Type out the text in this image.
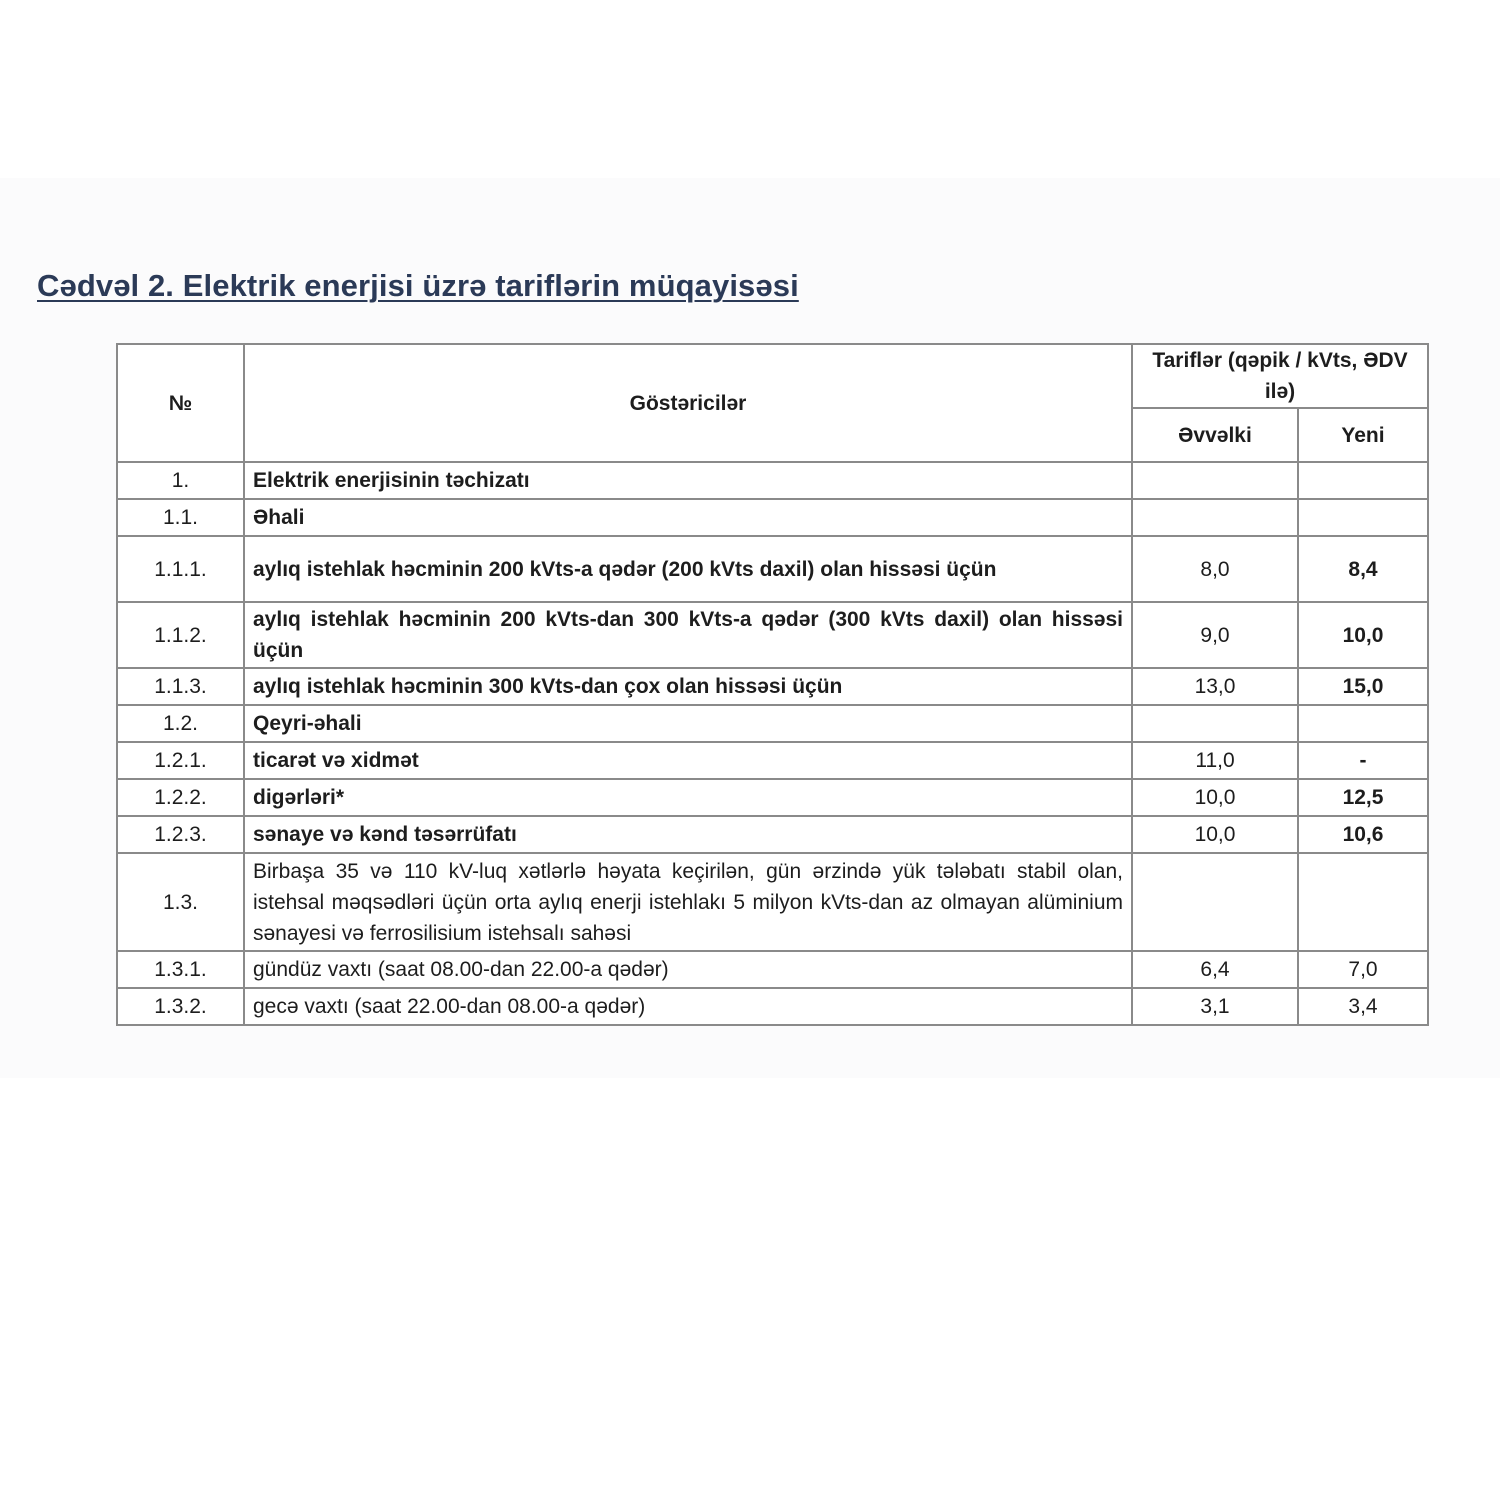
Cədvəl 2. Elektrik enerjisi üzrə tariflərin müqayisəsi
№	Göstəricilər	Tariflər (qəpik / kVts, ƏDV ilə)	
		Əvvəlki	Yeni
1.	Elektrik enerjisinin təchizatı		
1.1.	Əhali		
1.1.1.	aylıq istehlak həcminin 200 kVts-a qədər (200 kVts daxil) olan hissəsi üçün	8,0	8,4
1.1.2.	aylıq istehlak həcminin 200 kVts-dan 300 kVts-a qədər (300 kVts daxil) olan hissəsi üçün	9,0	10,0
1.1.3.	aylıq istehlak həcminin 300 kVts-dan çox olan hissəsi üçün	13,0	15,0
1.2.	Qeyri-əhali		
1.2.1.	ticarət və xidmət	11,0	-
1.2.2.	digərləri*	10,0	12,5
1.2.3.	sənaye və kənd təsərrüfatı	10,0	10,6
1.3.	Birbaşa 35 və 110 kV-luq xətlərlə həyata keçirilən, gün ərzində yük tələbatı stabil olan, istehsal məqsədləri üçün orta aylıq enerji istehlakı 5 milyon kVts-dan az olmayan alüminium sənayesi və ferrosilisium istehsalı sahəsi		
1.3.1.	gündüz vaxtı (saat 08.00-dan 22.00-a qədər)	6,4	7,0
1.3.2.	gecə vaxtı (saat 22.00-dan 08.00-a qədər)	3,1	3,4
